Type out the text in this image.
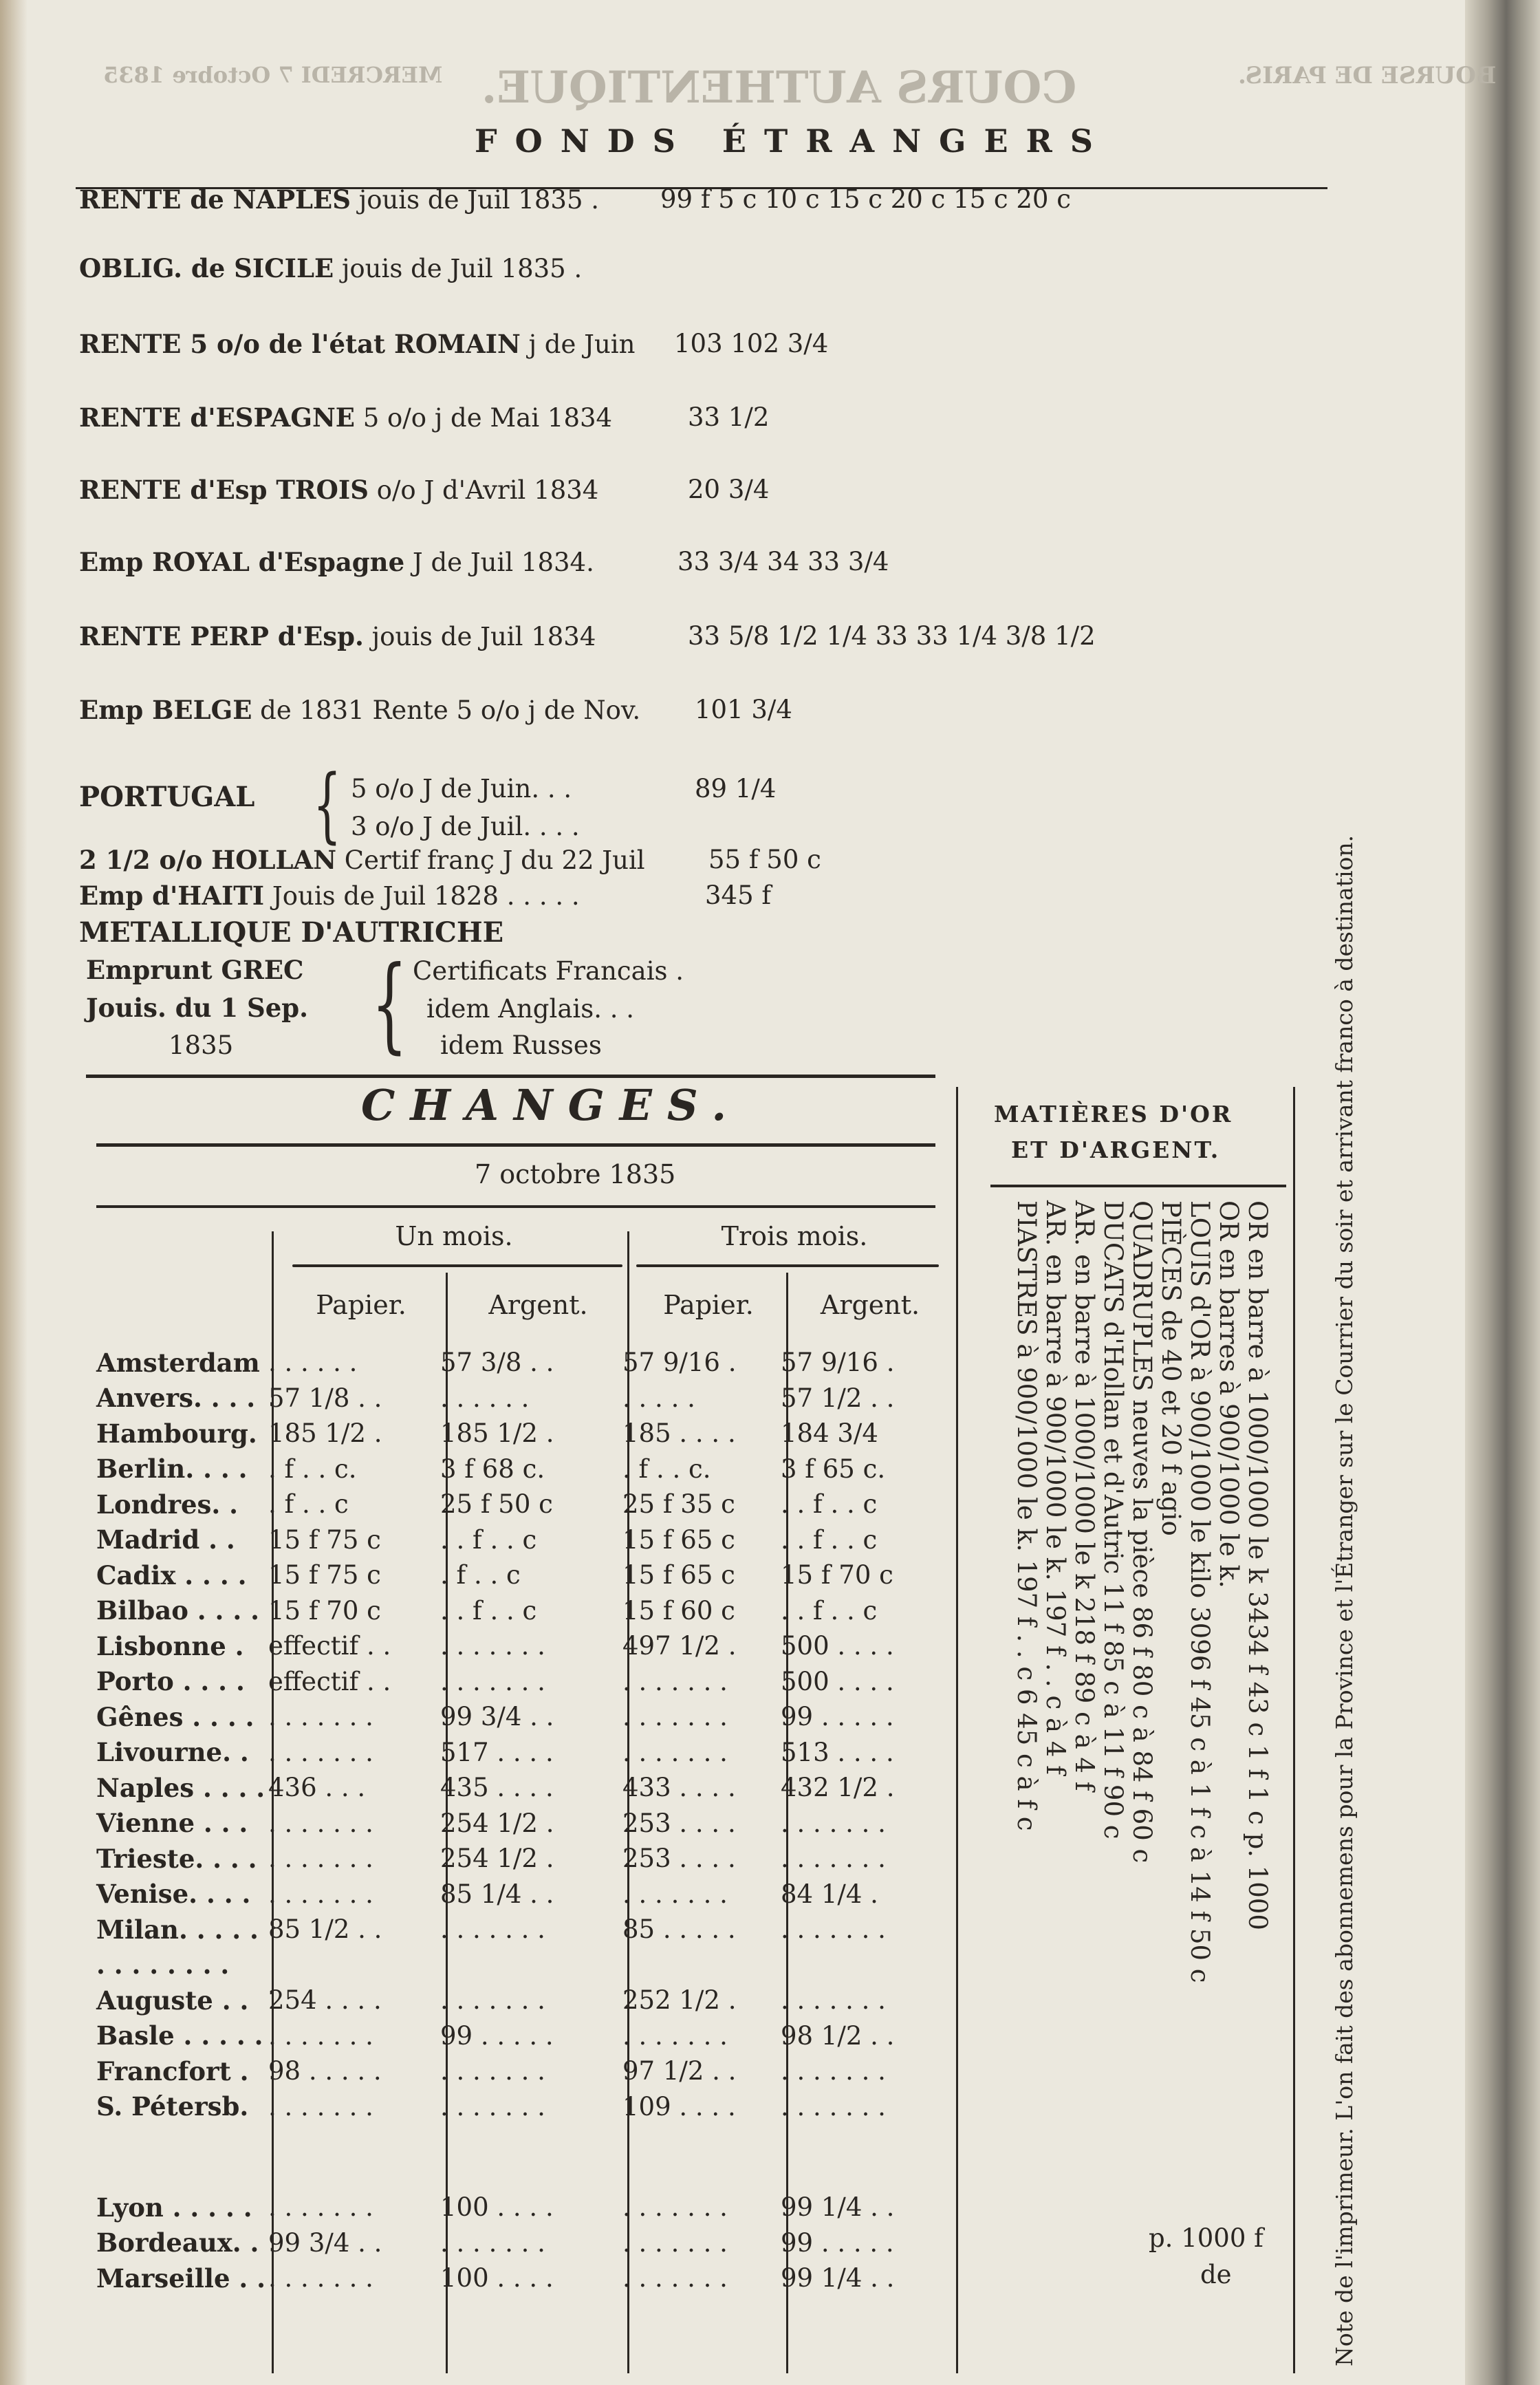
COURS AUTHENTIQUE.	BOURSE DE PARIS.
MERCREDI 7 Octobre 1835
FONDS ÉTRANGERS
RENTE de NAPLES jouis de Juil 1835 . 99 f 5 c 10 c 15 c 20 c 15 c 20 c
OBLIG. de SICILE jouis de Juil 1835 .
RENTE 5 o/o de l'état ROMAIN j de Juin 103 102 3/4
RENTE d'ESPAGNE 5 o/o j de Mai 1834	33 1/2
RENTE d'Esp TROIS o/o J d'Avril 1834	20 3/4
Emp ROYAL d'Espagne J de Juil 1834.	33 3/4 34 33 3/4
RENTE PERP d'Esp. jouis de Juil 1834	33 5/8 1/2 1/4 33 33 1/4 3/8 1/2
Emp BELGE de 1831 Rente 5 o/o j de Nov. 101 3/4
PORTUGAL { 5 o/o J de Juin. . .	89 1/4
3 o/o J de Juil. . . .
2 1/2 o/o HOLLAN Certif franç J du 22 Juil 55 f 50 c
Emp d'HAITI Jouis de Juil 1828 . . . . .	345 f
METALLIQUE D'AUTRICHE
Emprunt GREC
Jouis. du 1 Sep.
1835 { Certificats Francais .
idem Anglais. . .
idem Russes
CHANGES.
7 octobre 1835
Un mois.	Trois mois.
Papier.	Argent.	Papier.	Argent.
Amsterdam	. . . . . .	57 3/8 . .	57 9/16 .	57 9/16 .
Anvers. . . .	57 1/8 . .	. . . . . .	. . . . .	57 1/2 . .
Hambourg.	185 1/2 .	185 1/2 .	185 . . . .	184 3/4
Berlin. . . .	. f . . c.	3 f 68 c.	. f . . c.	3 f 65 c.
Londres. .	. f . . c	25 f 50 c	25 f 35 c	. . f . . c
Madrid . .	15 f 75 c	. . f . . c	15 f 65 c	. . f . . c
Cadix . . . .	15 f 75 c	. f . . c	15 f 65 c	15 f 70 c
Bilbao . . . .	15 f 70 c	. . f . . c	15 f 60 c	. . f . . c
Lisbonne .	effectif . .	. . . . . . .	497 1/2 .	500 . . . .
Porto . . . .	effectif . .	. . . . . . .	. . . . . . .	500 . . . .
Gênes . . . .	. . . . . . .	99 3/4 . .	. . . . . . .	99 . . . . .
Livourne. .	. . . . . . .	517 . . . .	. . . . . . .	513 . . . .
Naples . . . .	436 . . .	435 . . . .	433 . . . .	432 1/2 .
Vienne . . .	. . . . . . .	254 1/2 .	253 . . . .	. . . . . . .
Trieste. . . .	. . . . . . .	254 1/2 .	253 . . . .	. . . . . . .
Venise. . . .	. . . . . . .	85 1/4 . .	. . . . . . .	84 1/4 .
Milan. . . . .	85 1/2 . .	. . . . . . .	85 . . . . .	. . . . . . .
. . . . . . . .				
Auguste . .	254 . . . .	. . . . . . .	252 1/2 .	. . . . . . .
Basle . . . . .	. . . . . . .	99 . . . . .	. . . . . . .	98 1/2 . .
Francfort .	98 . . . . .	. . . . . . .	97 1/2 . .	. . . . . . .
S. Pétersb.	. . . . . . .	. . . . . . .	109 . . . .	. . . . . . .

Lyon . . . . .	. . . . . . .	100 . . . .	. . . . . . .	99 1/4 . .
Bordeaux. .	99 3/4 . .	. . . . . . .	. . . . . . .	99 . . . . .
Marseille . .	. . . . . . .	100 . . . .	. . . . . . .	99 1/4 . .
MATIÈRES D'OR
ET D'ARGENT.
OR en barre à 1000/1000 le k 3434 f 43 c 1 f 1 c p. 1000
OR en barres à 900/1000 le k.
LOUIS d'OR à 900/1000 le kilo 3096 f 45 c à 1 f c à 14 f 50 c
PIÈCES de 40 et 20 f agio
QUADRUPLES neuves la pièce 86 f 80 c à 84 f 60 c
DUCATS d'Hollan et d'Autric 11 f 85 c à 11 f 90 c
AR. en barre à 1000/1000 le k 218 f 89 c à 4 f
AR. en barre à 900/1000 le k. 197 f . . c à 4 f
PIASTRES à 900/1000 le k. 197 f . . c 6 45 c à f c
p. 1000 f
de	Note de l'imprimeur. L'on fait des abonnemens pour la Province et l'Étranger sur le Courrier du soir et arrivant franco à destination.
